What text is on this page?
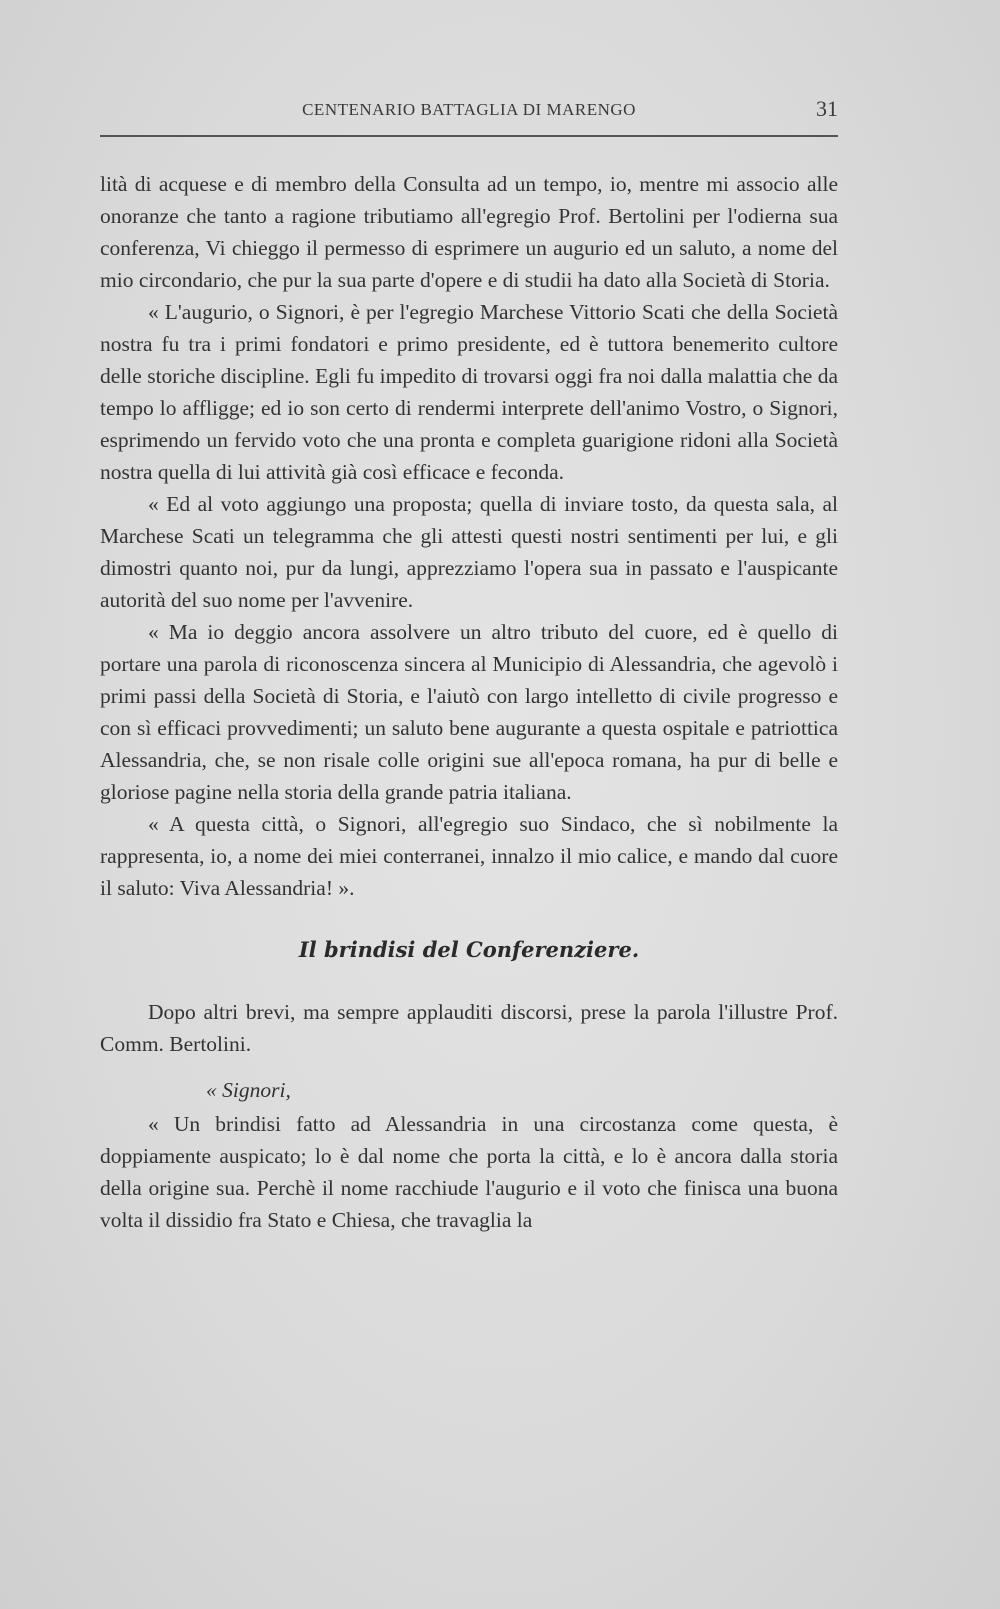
CENTENARIO BATTAGLIA DI MARENGO	31

lità di acquese e di membro della Consulta ad un tempo, io, mentre mi associo alle onoranze che tanto a ragione tributiamo all'egregio Prof. Bertolini per l'odierna sua conferenza, Vi chieggo il permesso di esprimere un augurio ed un saluto, a nome del mio circondario, che pur la sua parte d'opere e di studii ha dato alla Società di Storia.

« L'augurio, o Signori, è per l'egregio Marchese Vittorio Scati che della Società nostra fu tra i primi fondatori e primo presidente, ed è tuttora benemerito cultore delle storiche discipline. Egli fu impedito di trovarsi oggi fra noi dalla malattia che da tempo lo affligge; ed io son certo di rendermi interprete dell'animo Vostro, o Signori, esprimendo un fervido voto che una pronta e completa guarigione ridoni alla Società nostra quella di lui attività già così efficace e feconda.

« Ed al voto aggiungo una proposta; quella di inviare tosto, da questa sala, al Marchese Scati un telegramma che gli attesti questi nostri sentimenti per lui, e gli dimostri quanto noi, pur da lungi, apprezziamo l'opera sua in passato e l'auspicante autorità del suo nome per l'avvenire.

« Ma io deggio ancora assolvere un altro tributo del cuore, ed è quello di portare una parola di riconoscenza sincera al Municipio di Alessandria, che agevolò i primi passi della Società di Storia, e l'aiutò con largo intelletto di civile progresso e con sì efficaci provvedimenti; un saluto bene augurante a questa ospitale e patriottica Alessandria, che, se non risale colle origini sue all'epoca romana, ha pur di belle e gloriose pagine nella storia della grande patria italiana.

« A questa città, o Signori, all'egregio suo Sindaco, che sì nobilmente la rappresenta, io, a nome dei miei conterranei, innalzo il mio calice, e mando dal cuore il saluto: Viva Alessandria! ».

Il brindisi del Conferenziere.

Dopo altri brevi, ma sempre applauditi discorsi, prese la parola l'illustre Prof. Comm. Bertolini.

« Signori,

« Un brindisi fatto ad Alessandria in una circostanza come questa, è doppiamente auspicato; lo è dal nome che porta la città, e lo è ancora dalla storia della origine sua. Perchè il nome racchiude l'augurio e il voto che finisca una buona volta il dissidio fra Stato e Chiesa, che travaglia la
